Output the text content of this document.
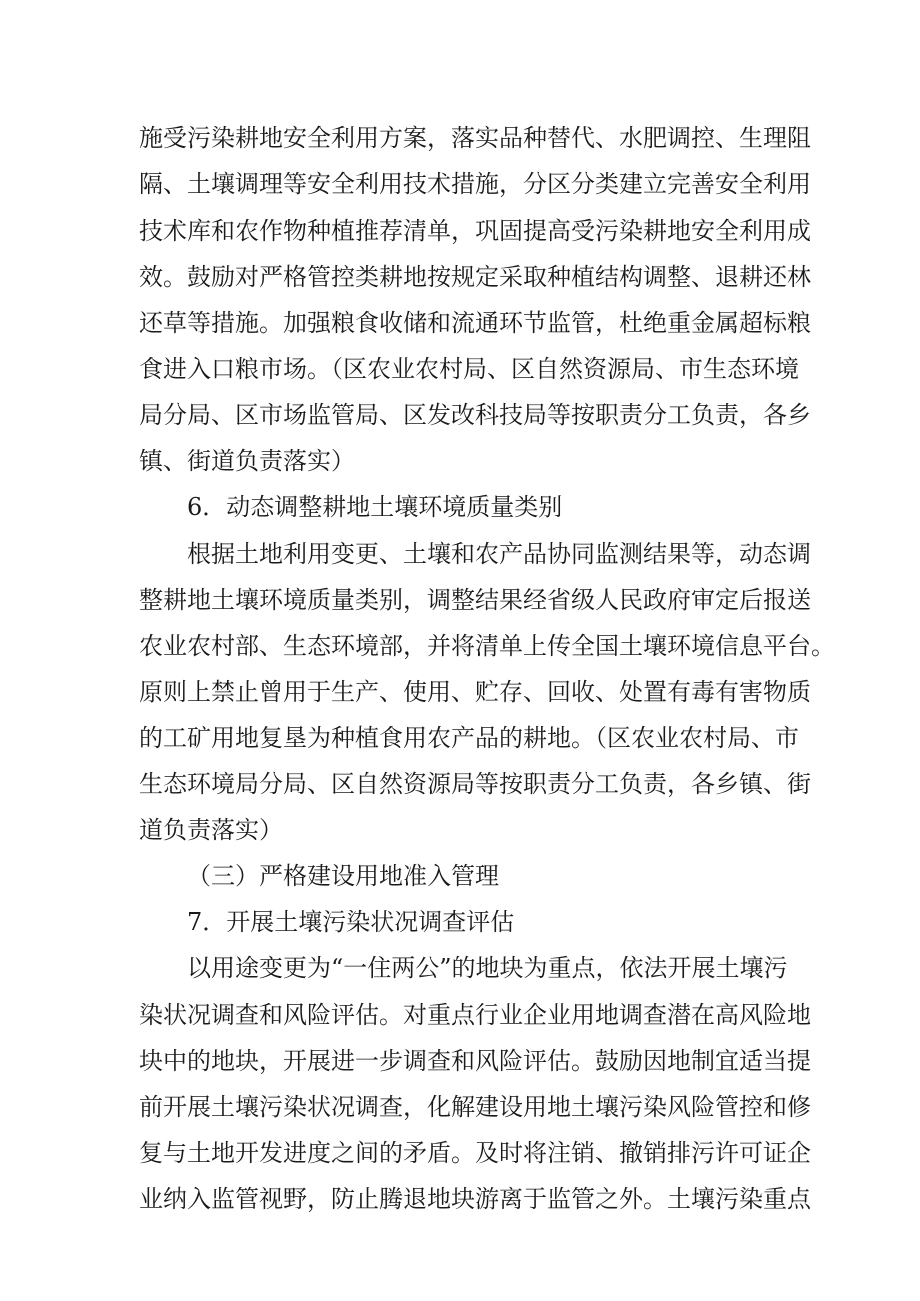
施受污染耕地安全利用方案，落实品种替代、水肥调控、生理阻
隔、土壤调理等安全利用技术措施，分区分类建立完善安全利用
技术库和农作物种植推荐清单，巩固提高受污染耕地安全利用成
效。鼓励对严格管控类耕地按规定采取种植结构调整、退耕还林
还草等措施。加强粮食收储和流通环节监管，杜绝重金属超标粮
食进入口粮市场。（区农业农村局、区自然资源局、市生态环境
局分局、区市场监管局、区发改科技局等按职责分工负责，各乡
镇、街道负责落实）
6．动态调整耕地土壤环境质量类别
根据土地利用变更、土壤和农产品协同监测结果等，动态调
整耕地土壤环境质量类别，调整结果经省级人民政府审定后报送
农业农村部、生态环境部，并将清单上传全国土壤环境信息平台。
原则上禁止曾用于生产、使用、贮存、回收、处置有毒有害物质
的工矿用地复垦为种植食用农产品的耕地。（区农业农村局、市
生态环境局分局、区自然资源局等按职责分工负责，各乡镇、街
道负责落实）
（三）严格建设用地准入管理
7．开展土壤污染状况调查评估
以用途变更为“一住两公”的地块为重点，依法开展土壤污
染状况调查和风险评估。对重点行业企业用地调查潜在高风险地
块中的地块，开展进一步调查和风险评估。鼓励因地制宜适当提
前开展土壤污染状况调查，化解建设用地土壤污染风险管控和修
复与土地开发进度之间的矛盾。及时将注销、撤销排污许可证企
业纳入监管视野，防止腾退地块游离于监管之外。土壤污染重点
